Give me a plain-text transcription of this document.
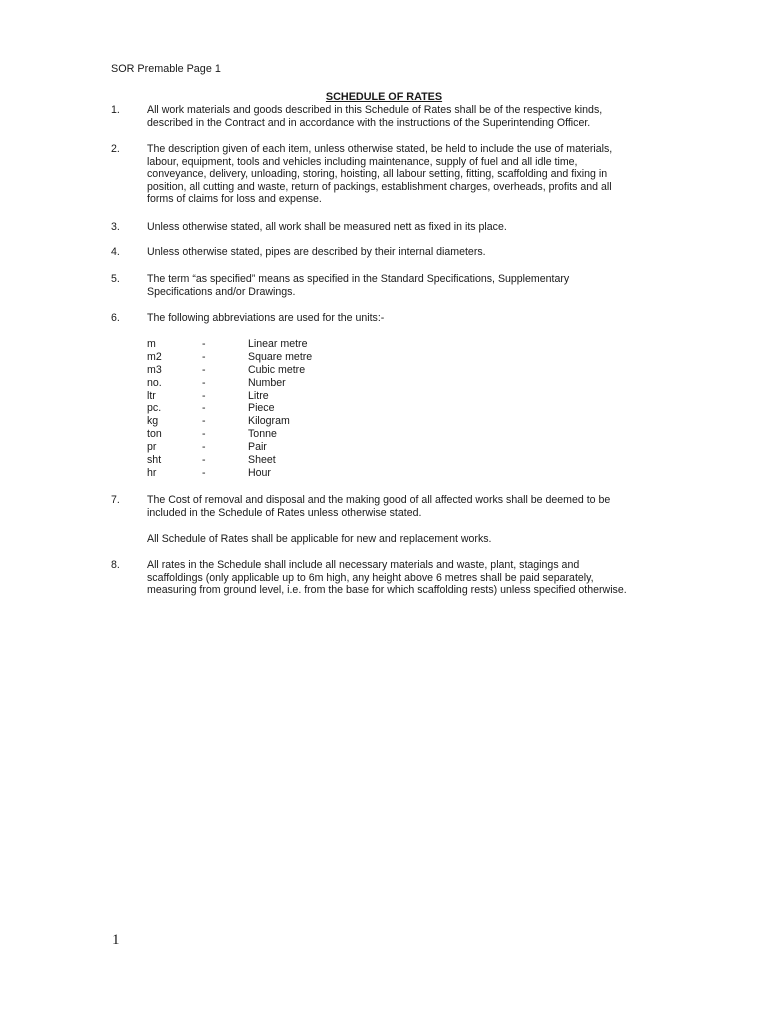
SOR Premable Page 1
SCHEDULE OF RATES
1.	All work materials and goods described in this Schedule of Rates shall be of the respective kinds,

described in the Contract and in accordance with the instructions of the Superintending Officer.

2.	The description given of each item, unless otherwise stated, be held to include the use of materials,

labour, equipment, tools and vehicles including maintenance, supply of fuel and all idle time,

conveyance, delivery, unloading, storing, hoisting, all labour setting, fitting, scaffolding and fixing in

position, all cutting and waste, return of packings, establishment charges, overheads, profits and all

forms of claims for loss and expense.

3.	Unless otherwise stated, all work shall be measured nett as fixed in its place.

4.	Unless otherwise stated, pipes are described by their internal diameters.

5.	The term “as specified” means as specified in the Standard Specifications, Supplementary

Specifications and/or Drawings.

6.	The following abbreviations are used for the units:-

m	-	Linear metre
m2	-	Square metre
m3	-	Cubic metre
no.	-	Number
ltr	-	Litre
pc.	-	Piece
kg	-	Kilogram
ton	-	Tonne
pr	-	Pair
sht	-	Sheet
hr	-	Hour
7.	The Cost of removal and disposal and the making good of all affected works shall be deemed to be

included in the Schedule of Rates unless otherwise stated.

All Schedule of Rates shall be applicable for new and replacement works.
8.	All rates in the Schedule shall include all necessary materials and waste, plant, stagings and

scaffoldings (only applicable up to 6m high, any height above 6 metres shall be paid separately,

measuring from ground level, i.e. from the base for which scaffolding rests) unless specified otherwise.

1
